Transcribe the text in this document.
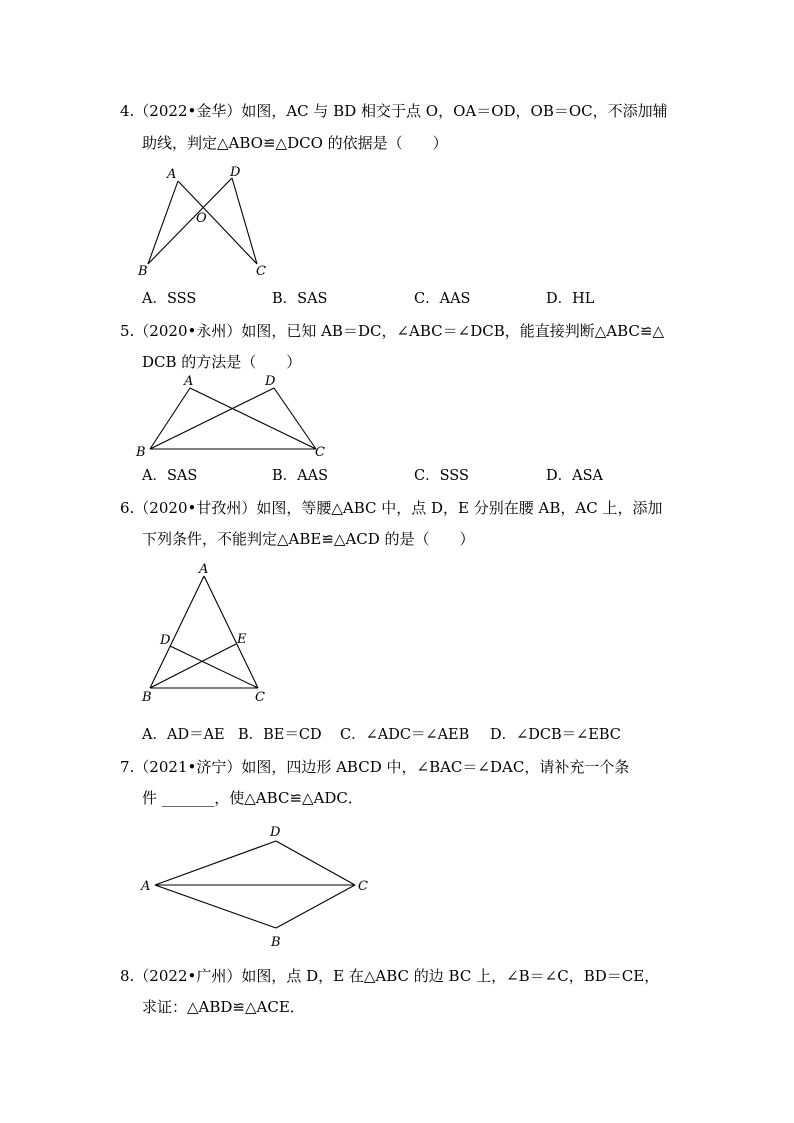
4.（2022•金华）如图，AC 与 BD 相交于点 O，OA＝OD，OB＝OC，不添加辅
助线，判定△ABO≌△DCO 的依据是（　　）
A	D
O
B	C
A．SSS	B．SAS	C．AAS	D．HL
5.（2020•永州）如图，已知 AB＝DC，∠ABC＝∠DCB，能直接判断△ABC≌△
DCB 的方法是（　　）
A	D
B	C
A．SAS	B．AAS	C．SSS	D．ASA
6.（2020•甘孜州）如图，等腰△ABC 中，点 D，E 分别在腰 AB，AC 上，添加
下列条件，不能判定△ABE≌△ACD 的是（　　）
A
D	E
B	C
A．AD＝AE B．BE＝CD C．∠ADC＝∠AEB D．∠DCB＝∠EBC
7.（2021•济宁）如图，四边形 ABCD 中，∠BAC＝∠DAC，请补充一个条
件 _______，使△ABC≌△ADC．
D
A	C
B
8.（2022•广州）如图，点 D，E 在△ABC 的边 BC 上，∠B＝∠C，BD＝CE，
求证：△ABD≌△ACE．
